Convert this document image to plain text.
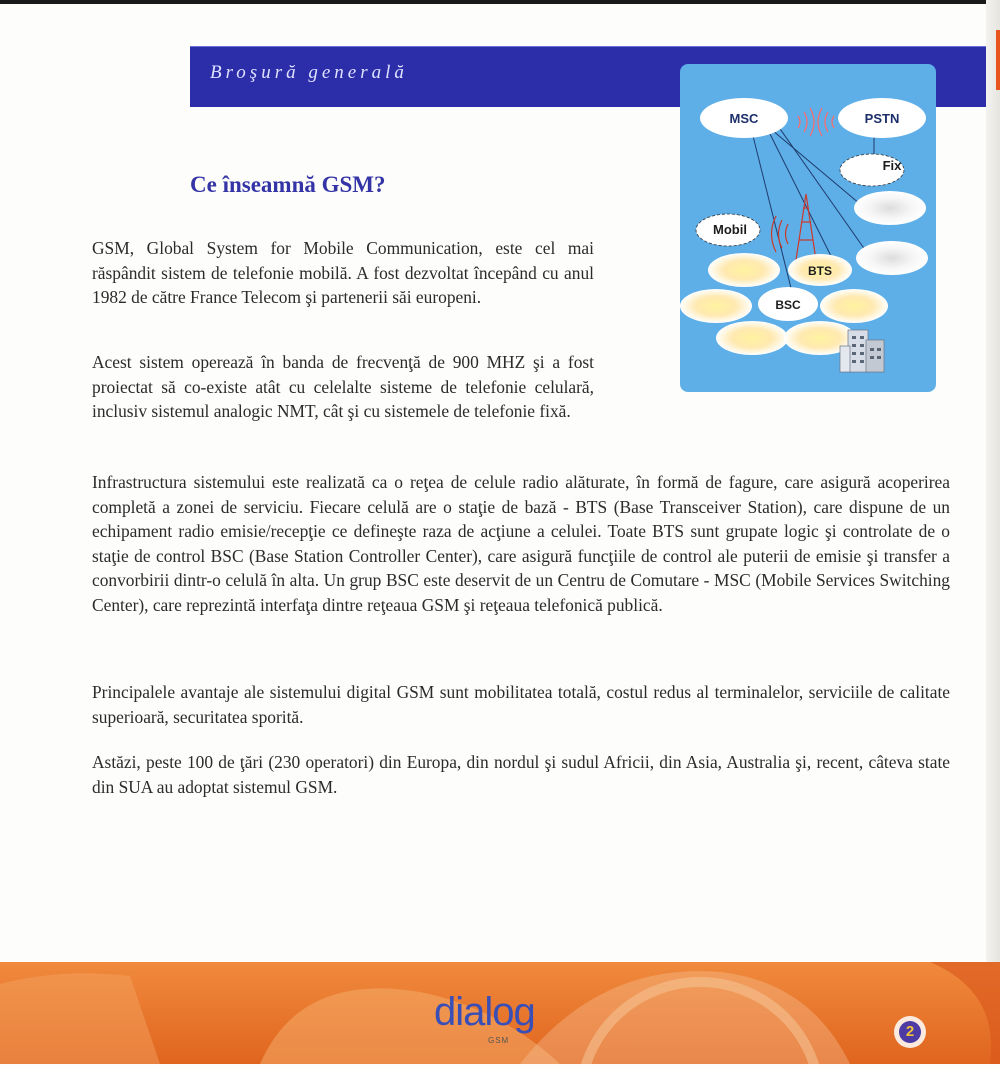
Broşură generală
Ce înseamnă GSM?

GSM, Global System for Mobile Communication, este cel mai răspândit sistem de telefonie mobilă. A fost dezvoltat începând cu anul 1982 de către France Telecom şi partenerii săi europeni.

Acest sistem operează în banda de frecvenţă de 900 MHZ şi a fost proiectat să co-existe atât cu celelalte sisteme de telefonie celulară, inclusiv sistemul analogic NMT, cât şi cu sistemele de telefonie fixă.

Infrastructura sistemului este realizată ca o reţea de celule radio alăturate, în formă de fagure, care asigură acoperirea completă a zonei de serviciu. Fiecare celulă are o staţie de bază - BTS (Base Transceiver Station), care dispune de un echipament radio emisie/recepţie ce defineşte raza de acţiune a celulei. Toate BTS sunt grupate logic şi controlate de o staţie de control BSC (Base Station Controller Center), care asigură funcţiile de control ale puterii de emisie şi transfer a convorbirii dintr-o celulă în alta. Un grup BSC este deservit de un Centru de Comutare - MSC (Mobile Services Switching Center), care reprezintă interfaţa dintre reţeaua GSM şi reţeaua telefonică publică.

Principalele avantaje ale sistemului digital GSM sunt mobilitatea totală, costul redus al terminalelor, serviciile de calitate superioară, securitatea sporită.

Astăzi, peste 100 de ţări (230 operatori) din Europa, din nordul şi sudul Africii, din Asia, Australia şi, recent, câteva state din SUA au adoptat sistemul GSM.

MSC	PSTN
Fix
Mobil
BTS
BSC
dialog
GSM
2
